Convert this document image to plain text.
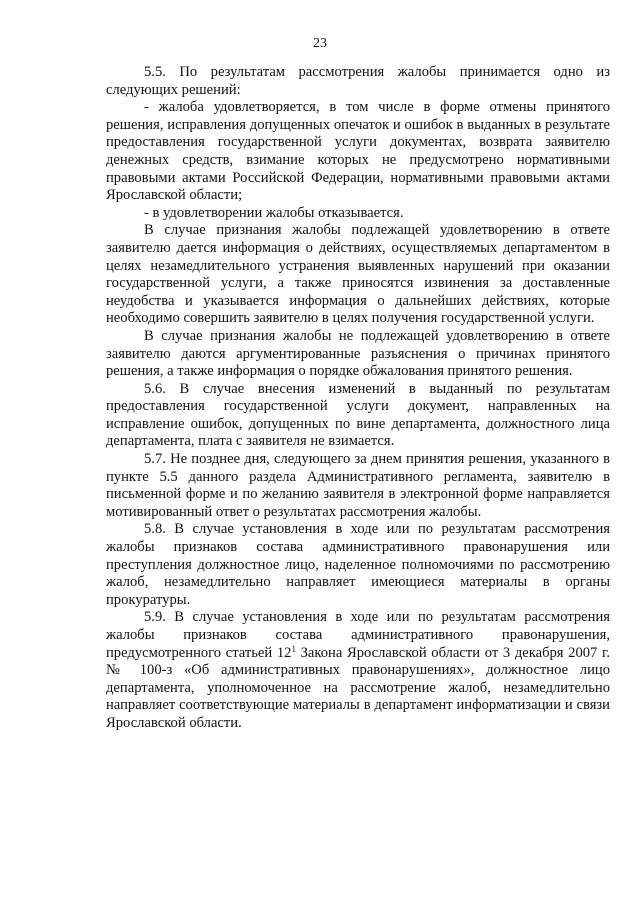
23

5.5. По результатам рассмотрения жалобы принимается одно из следующих решений:

- жалоба удовлетворяется, в том числе в форме отмены принятого решения, исправления допущенных опечаток и ошибок в выданных в результате предоставления государственной услуги документах, возврата заявителю денежных средств, взимание которых не предусмотрено нормативными правовыми актами Российской Федерации, нормативными правовыми актами Ярославской области;

- в удовлетворении жалобы отказывается.

В случае признания жалобы подлежащей удовлетворению в ответе заявителю дается информация о действиях, осуществляемых департаментом в целях незамедлительного устранения выявленных нарушений при оказании государственной услуги, а также приносятся извинения за доставленные неудобства и указывается информация о дальнейших действиях, которые необходимо совершить заявителю в целях получения государственной услуги.

В случае признания жалобы не подлежащей удовлетворению в ответе заявителю даются аргументированные разъяснения о причинах принятого решения, а также информация о порядке обжалования принятого решения.

5.6. В случае внесения изменений в выданный по результатам предоставления государственной услуги документ, направленных на исправление ошибок, допущенных по вине департамента, должностного лица департамента, плата с заявителя не взимается.

5.7. Не позднее дня, следующего за днем принятия решения, указанного в пункте 5.5 данного раздела Административного регламента, заявителю в письменной форме и по желанию заявителя в электронной форме направляется мотивированный ответ о результатах рассмотрения жалобы.

5.8. В случае установления в ходе или по результатам рассмотрения жалобы признаков состава административного правонарушения или преступления должностное лицо, наделенное полномочиями по рассмотрению жалоб, незамедлительно направляет имеющиеся материалы в органы прокуратуры.

5.9. В случае установления в ходе или по результатам рассмотрения жалобы признаков состава административного правонарушения, предусмотренного статьей $12^1$ Закона Ярославской области от 3 декабря 2007 г. № 100-з «Об административных правонарушениях», должностное лицо департамента, уполномоченное на рассмотрение жалоб, незамедлительно направляет соответствующие материалы в департамент информатизации и связи Ярославской области.
